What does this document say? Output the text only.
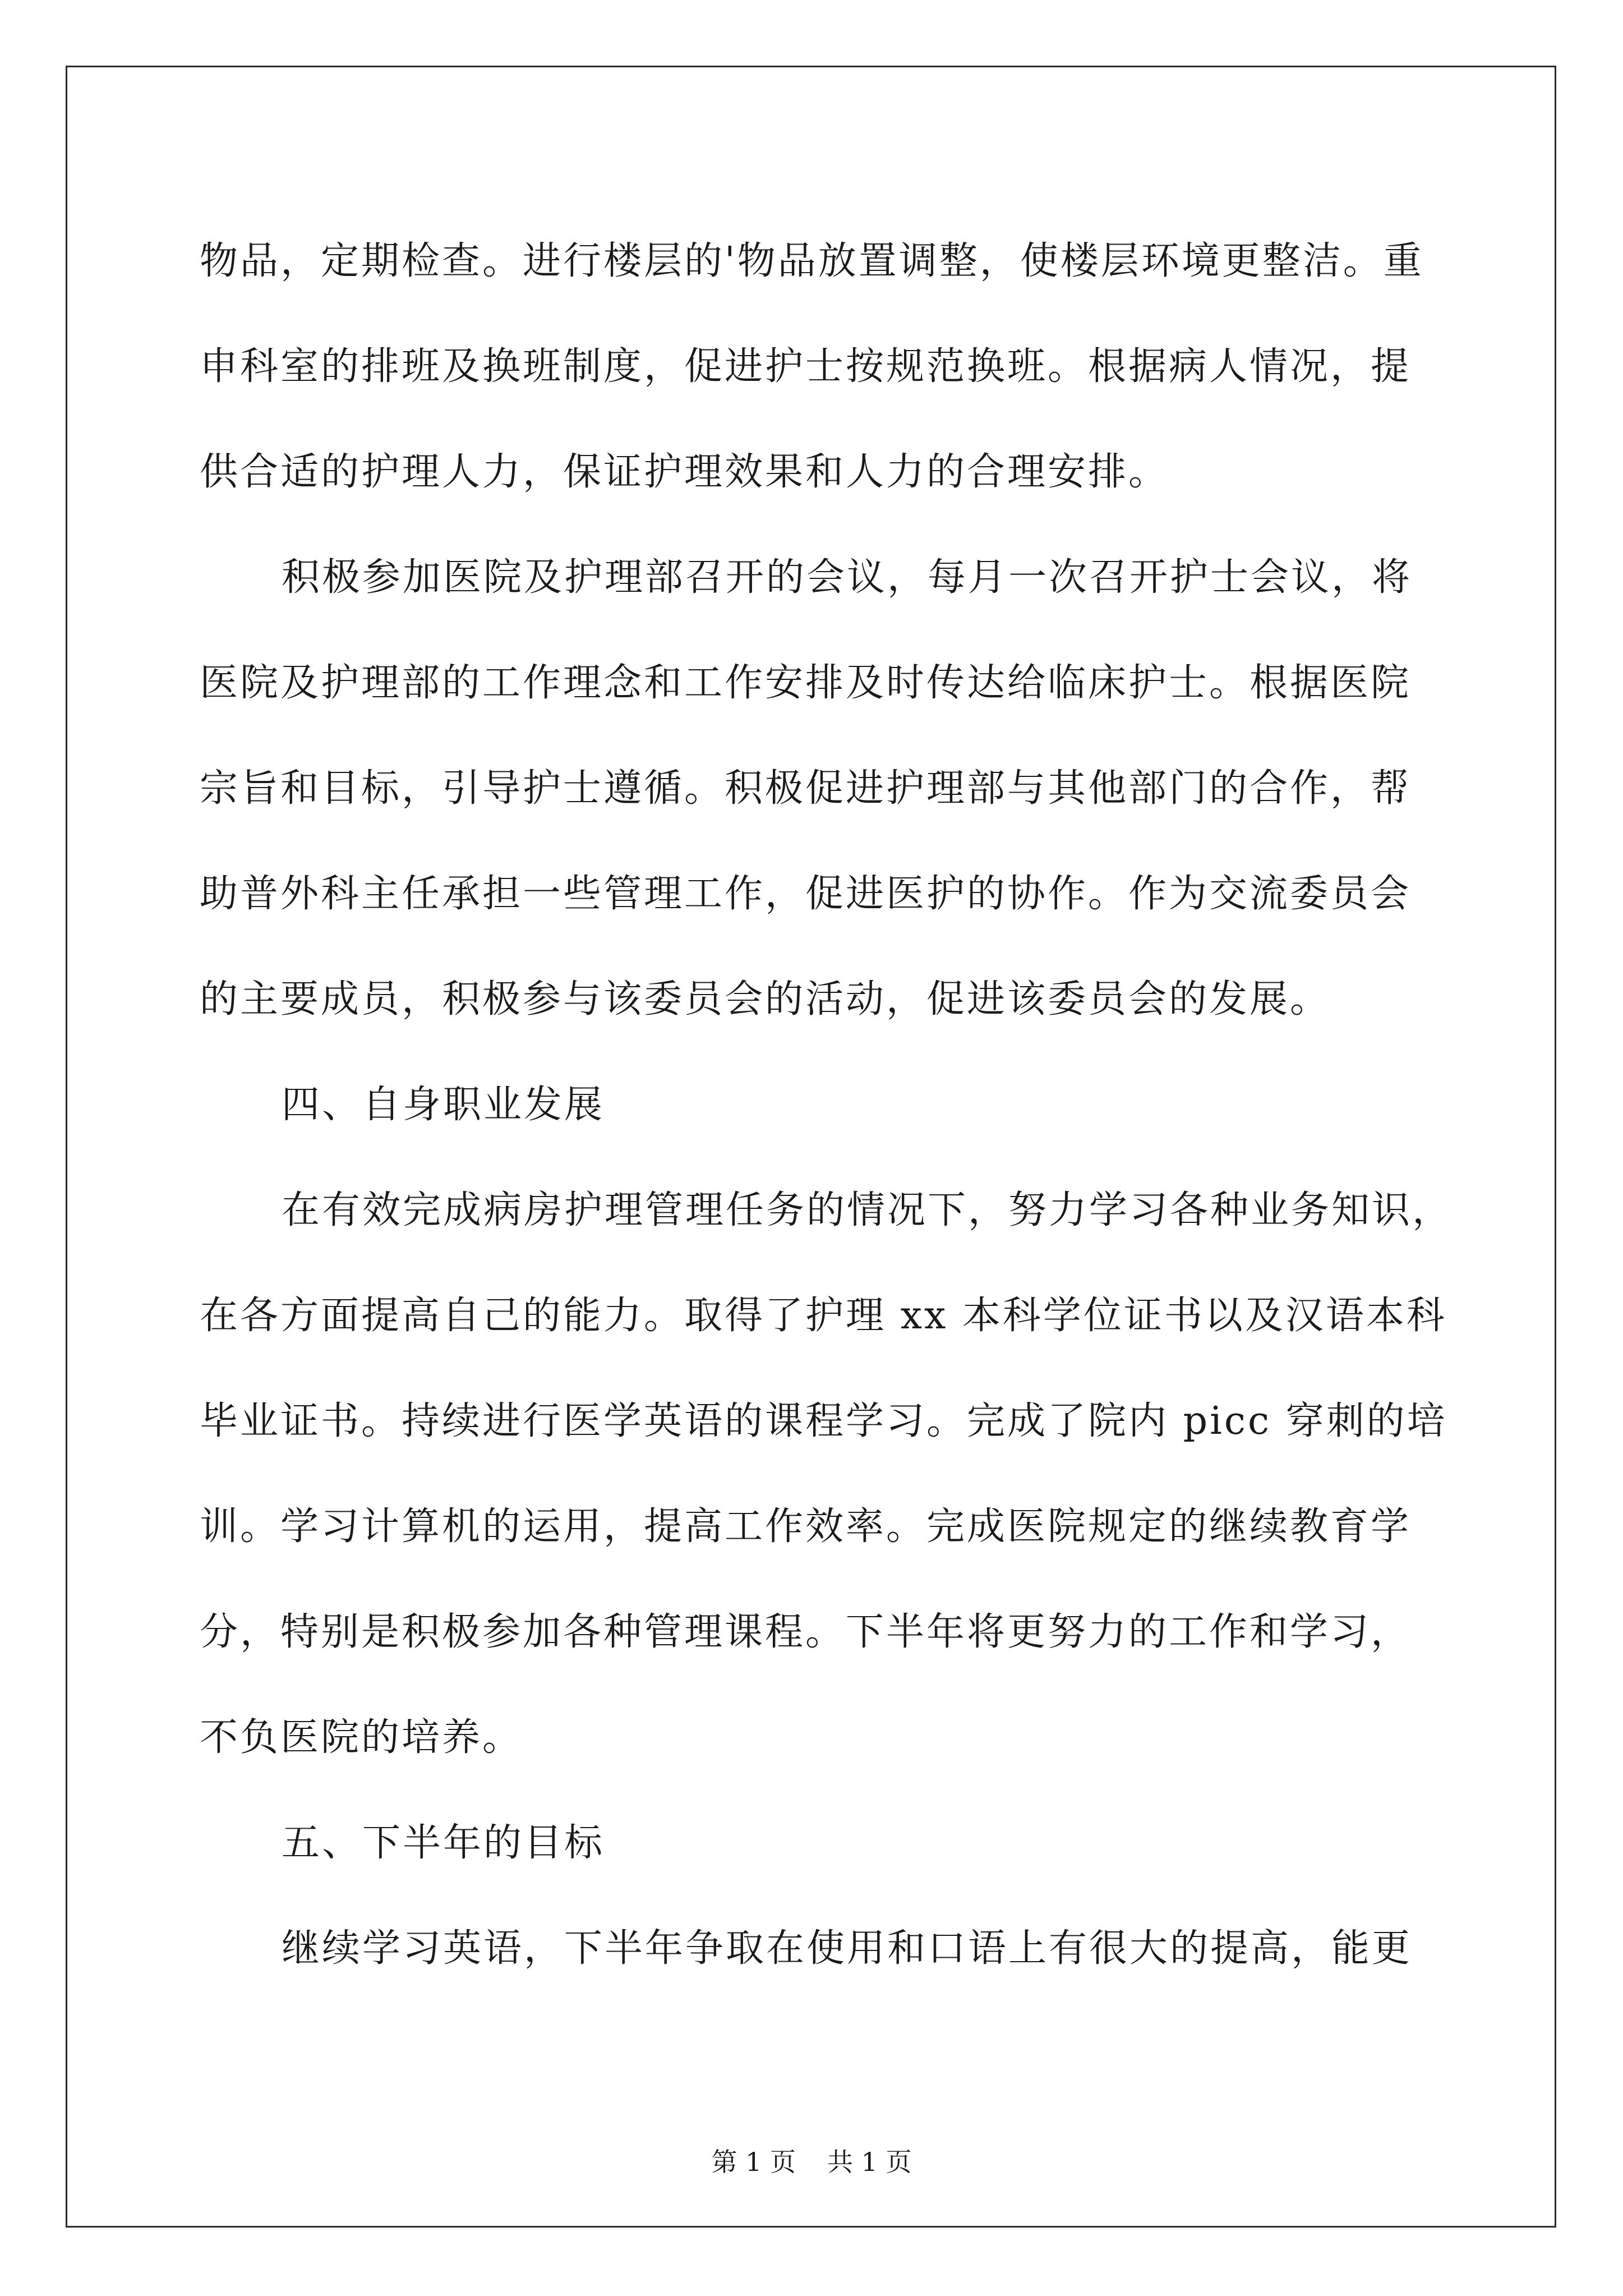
物品，定期检查。进行楼层的'物品放置调整，使楼层环境更整洁。重
申科室的排班及换班制度，促进护士按规范换班。根据病人情况，提
供合适的护理人力，保证护理效果和人力的合理安排。
积极参加医院及护理部召开的会议，每月一次召开护士会议，将
医院及护理部的工作理念和工作安排及时传达给临床护士。根据医院
宗旨和目标，引导护士遵循。积极促进护理部与其他部门的合作，帮
助普外科主任承担一些管理工作，促进医护的协作。作为交流委员会
的主要成员，积极参与该委员会的活动，促进该委员会的发展。
四、自身职业发展
在有效完成病房护理管理任务的情况下，努力学习各种业务知识，
在各方面提高自己的能力。取得了护理 xx 本科学位证书以及汉语本科
毕业证书。持续进行医学英语的课程学习。完成了院内 picc 穿刺的培
训。学习计算机的运用，提高工作效率。完成医院规定的继续教育学
分，特别是积极参加各种管理课程。下半年将更努力的工作和学习，
不负医院的培养。
五、下半年的目标
继续学习英语，下半年争取在使用和口语上有很大的提高，能更
第 1 页 共 1 页
